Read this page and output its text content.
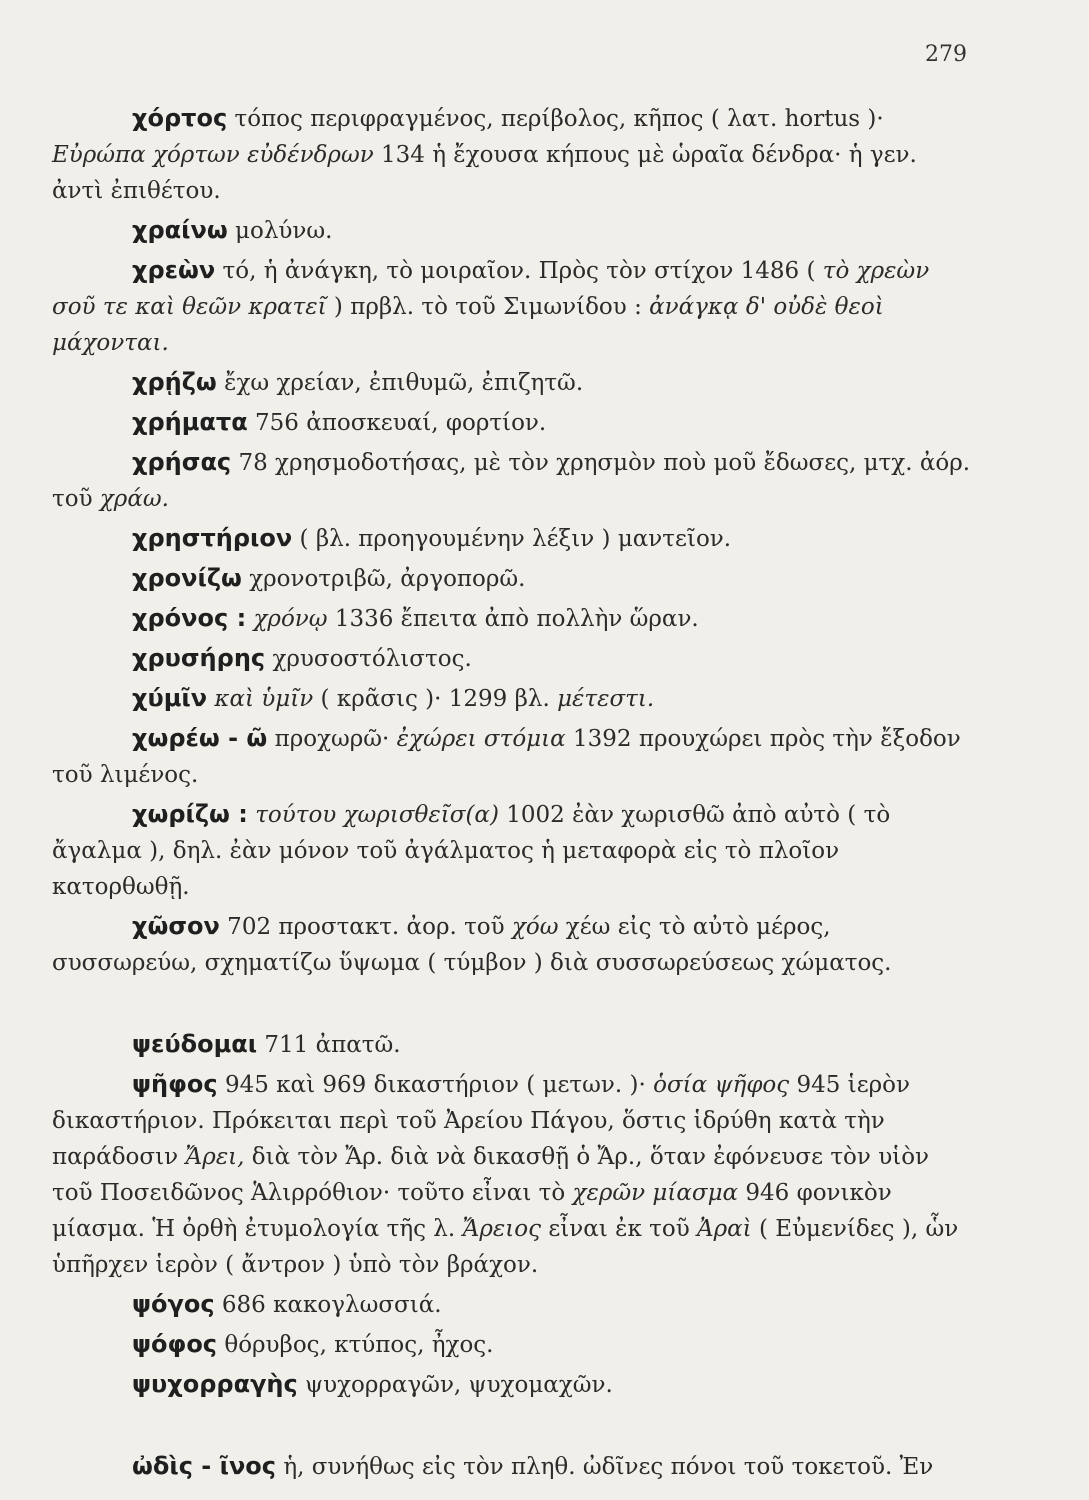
279

χόρτος τόπος περιφραγμένος, περίβολος, κῆπος ( λατ. hortus )· Εὐρώπα χόρτων εὐδένδρων 134 ἡ ἔχουσα κήπους μὲ ὡραῖα δένδρα· ἡ γεν. ἀντὶ ἐπιθέτου.

χραίνω μολύνω.

χρεὼν τό, ἡ ἀνάγκη, τὸ μοιραῖον. Πρὸς τὸν στίχον 1486 ( τὸ χρεὼν σοῦ τε καὶ θεῶν κρατεῖ ) πρβλ. τὸ τοῦ Σιμωνίδου : ἀνάγκᾳ δ' οὐδὲ θεοὶ μάχονται.

χρῄζω ἔχω χρείαν, ἐπιθυμῶ, ἐπιζητῶ.

χρήματα 756 ἀποσκευαί, φορτίον.

χρήσας 78 χρησμοδοτήσας, μὲ τὸν χρησμὸν ποὺ μοῦ ἔδωσες, μτχ. ἀόρ. τοῦ χράω.

χρηστήριον ( βλ. προηγουμένην λέξιν ) μαντεῖον.

χρονίζω χρονοτριβῶ, ἀργοπορῶ.

χρόνος : χρόνῳ 1336 ἔπειτα ἀπὸ πολλὴν ὥραν.

χρυσήρης χρυσοστόλιστος.

χύμῖν καὶ ὑμῖν ( κρᾶσις )· 1299 βλ. μέτεστι.

χωρέω - ῶ προχωρῶ· ἐχώρει στόμια 1392 προυχώρει πρὸς τὴν ἔξοδον τοῦ λιμένος.

χωρίζω : τούτου χωρισθεῖσ(α) 1002 ἐὰν χωρισθῶ ἀπὸ αὐτὸ ( τὸ ἄγαλμα ), δηλ. ἐὰν μόνον τοῦ ἀγάλματος ἡ μεταφορὰ εἰς τὸ πλοῖον κατορθωθῇ.

χῶσον 702 προστακτ. ἀορ. τοῦ χόω χέω εἰς τὸ αὐτὸ μέρος, συσσωρεύω, σχηματίζω ὕψωμα ( τύμβον ) διὰ συσσωρεύσεως χώματος.

ψεύδομαι 711 ἀπατῶ.

ψῆφος 945 καὶ 969 δικαστήριον ( μετων. )· ὁσία ψῆφος 945 ἱερὸν δικαστήριον. Πρόκειται περὶ τοῦ Ἀρείου Πάγου, ὅστις ἱδρύθη κατὰ τὴν παράδοσιν Ἄρει, διὰ τὸν Ἄρ. διὰ νὰ δικασθῇ ὁ Ἄρ., ὅταν ἐφόνευσε τὸν υἱὸν τοῦ Ποσειδῶνος Ἁλιρρόθιον· τοῦτο εἶναι τὸ χερῶν μίασμα 946 φονικὸν μίασμα. Ἡ ὀρθὴ ἐτυμολογία τῆς λ. Ἄρειος εἶναι ἐκ τοῦ Ἀραὶ ( Εὐμενίδες ), ὧν ὑπῆρχεν ἱερὸν ( ἄντρον ) ὑπὸ τὸν βράχον.

ψόγος 686 κακογλωσσιά.

ψόφος θόρυβος, κτύπος, ἦχος.

ψυχορραγὴς ψυχορραγῶν, ψυχομαχῶν.

ὠδὶς - ῖνος ἡ, συνήθως εἰς τὸν πληθ. ὠδῖνες πόνοι τοῦ τοκετοῦ. Ἐν
